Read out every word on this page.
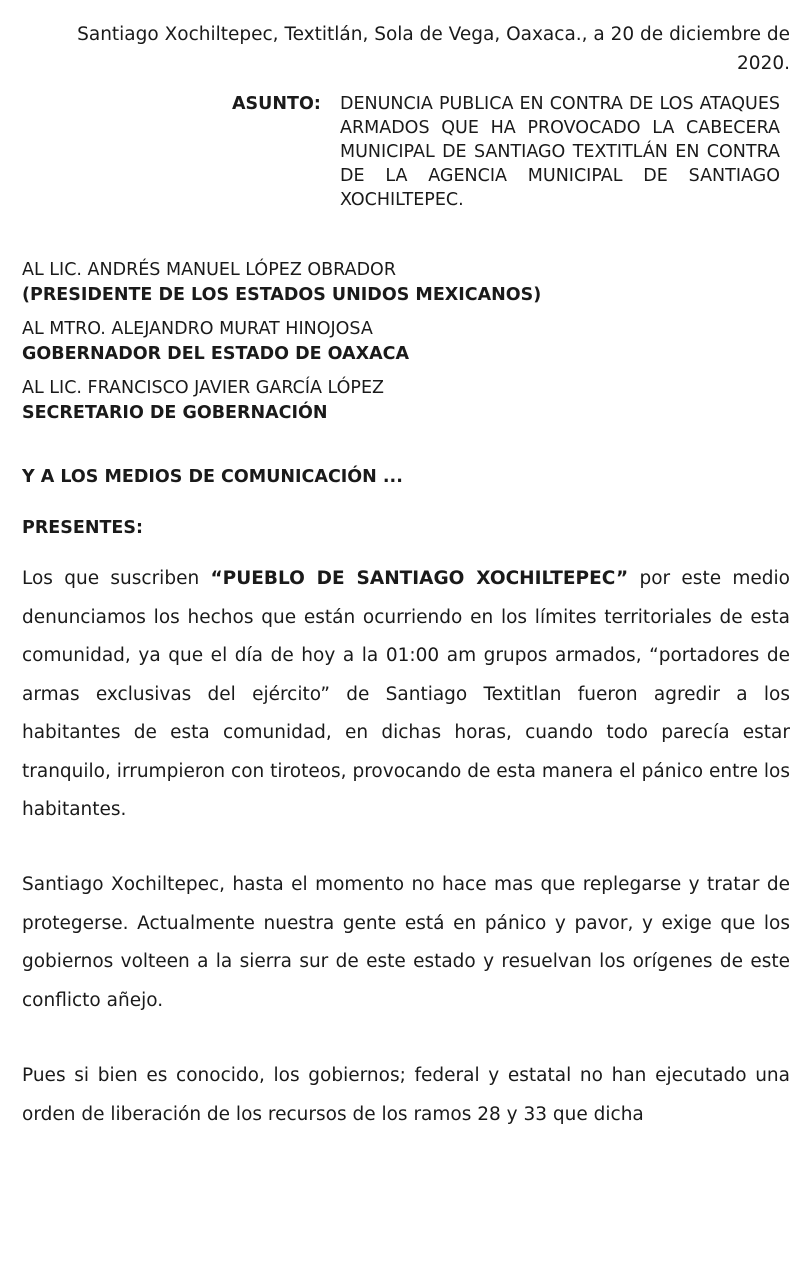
Santiago Xochiltepec, Textitlán, Sola de Vega, Oaxaca., a 20 de diciembre de 2020.
ASUNTO:	DENUNCIA PUBLICA EN CONTRA DE LOS ATAQUES ARMADOS QUE HA PROVOCADO LA CABECERA MUNICIPAL DE SANTIAGO TEXTITLÁN EN CONTRA DE LA AGENCIA MUNICIPAL DE SANTIAGO XOCHILTEPEC.
AL LIC. ANDRÉS MANUEL LÓPEZ OBRADOR
(PRESIDENTE DE LOS ESTADOS UNIDOS MEXICANOS)
AL MTRO. ALEJANDRO MURAT HINOJOSA
GOBERNADOR DEL ESTADO DE OAXACA
AL LIC. FRANCISCO JAVIER GARCÍA LÓPEZ
SECRETARIO DE GOBERNACIÓN
Y A LOS MEDIOS DE COMUNICACIÓN ...
PRESENTES:
Los que suscriben “PUEBLO DE SANTIAGO XOCHILTEPEC” por este medio denunciamos los hechos que están ocurriendo en los límites territoriales de esta comunidad, ya que el día de hoy a la 01:00 am grupos armados, “portadores de armas exclusivas del ejército” de Santiago Textitlan fueron agredir a los habitantes de esta comunidad, en dichas horas, cuando todo parecía estar tranquilo, irrumpieron con tiroteos, provocando de esta manera el pánico entre los habitantes.
Santiago Xochiltepec, hasta el momento no hace mas que replegarse y tratar de protegerse. Actualmente nuestra gente está en pánico y pavor, y exige que los gobiernos volteen a la sierra sur de este estado y resuelvan los orígenes de este conflicto añejo.
Pues si bien es conocido, los gobiernos; federal y estatal no han ejecutado una orden de liberación de los recursos de los ramos 28 y 33 que dicha
